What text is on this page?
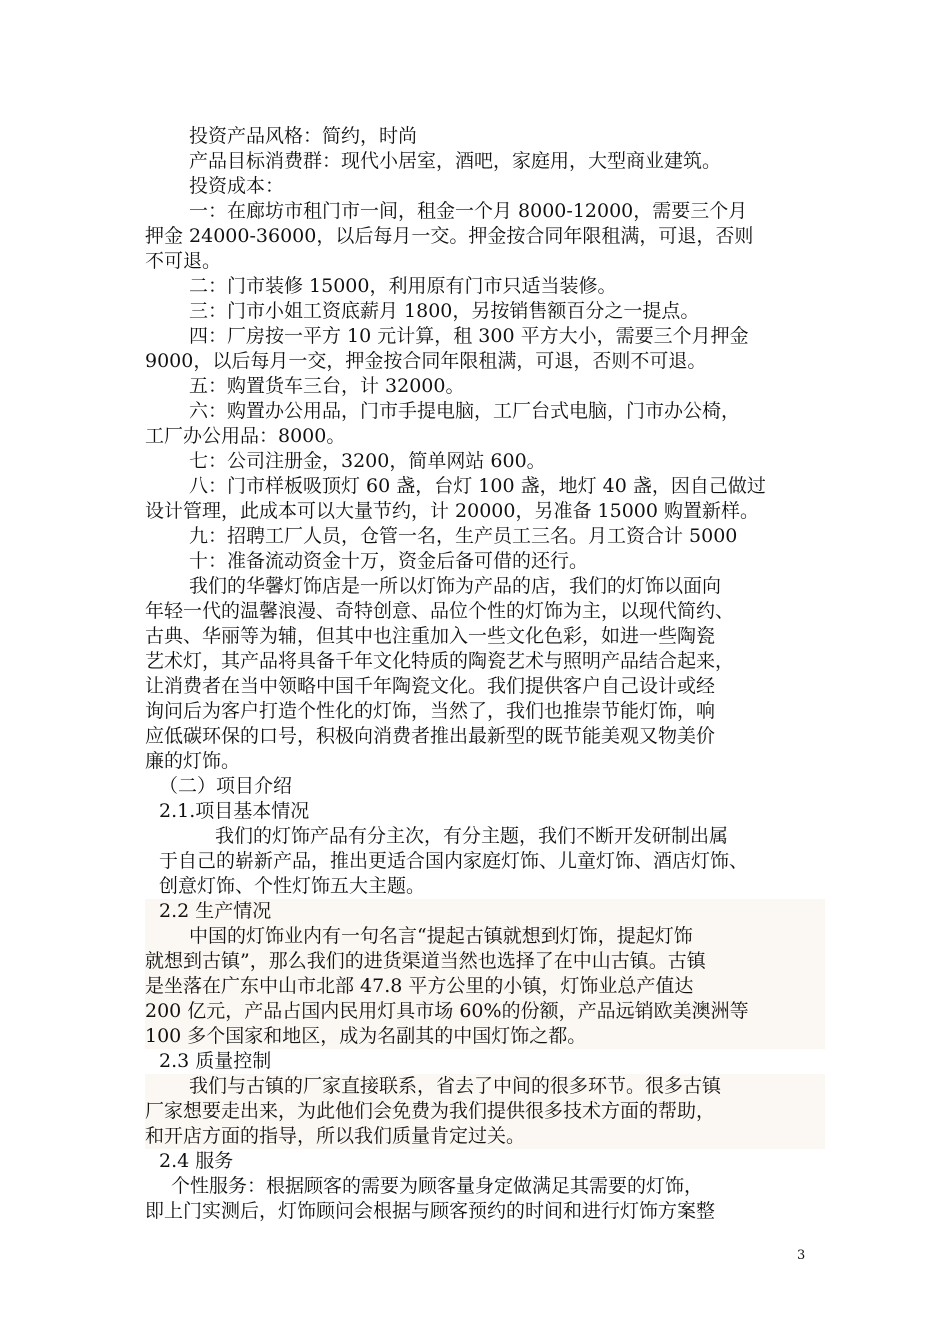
投资产品风格：简约，时尚
产品目标消费群：现代小居室，酒吧，家庭用，大型商业建筑。
投资成本：
一：在廊坊市租门市一间，租金一个月 8000-12000，需要三个月
押金 24000-36000，以后每月一交。押金按合同年限租满，可退，否则
不可退。
二：门市装修 15000，利用原有门市只适当装修。
三：门市小姐工资底薪月 1800，另按销售额百分之一提点。
四：厂房按一平方 10 元计算，租 300 平方大小，需要三个月押金
9000，以后每月一交，押金按合同年限租满，可退，否则不可退。
五：购置货车三台，计 32000。
六：购置办公用品，门市手提电脑，工厂台式电脑，门市办公椅，
工厂办公用品：8000。
七：公司注册金，3200，简单网站 600。
八：门市样板吸顶灯 60 盏，台灯 100 盏，地灯 40 盏，因自己做过
设计管理，此成本可以大量节约，计 20000，另准备 15000 购置新样。
九：招聘工厂人员，仓管一名，生产员工三名。月工资合计 5000
十：准备流动资金十万，资金后备可借的还行。
我们的华馨灯饰店是一所以灯饰为产品的店，我们的灯饰以面向
年轻一代的温馨浪漫、奇特创意、品位个性的灯饰为主，以现代简约、
古典、华丽等为辅，但其中也注重加入一些文化色彩，如进一些陶瓷
艺术灯，其产品将具备千年文化特质的陶瓷艺术与照明产品结合起来，
让消费者在当中领略中国千年陶瓷文化。我们提供客户自己设计或经
询问后为客户打造个性化的灯饰，当然了，我们也推崇节能灯饰，响
应低碳环保的口号，积极向消费者推出最新型的既节能美观又物美价
廉的灯饰。
（二）项目介绍
2.1.项目基本情况
我们的灯饰产品有分主次，有分主题，我们不断开发研制出属
于自己的崭新产品，推出更适合国内家庭灯饰、儿童灯饰、酒店灯饰、
创意灯饰、个性灯饰五大主题。
2.2 生产情况
中国的灯饰业内有一句名言“提起古镇就想到灯饰，提起灯饰
就想到古镇”，那么我们的进货渠道当然也选择了在中山古镇。古镇
是坐落在广东中山市北部 47.8 平方公里的小镇，灯饰业总产值达
200 亿元，产品占国内民用灯具市场 60%的份额，产品远销欧美澳洲等
100 多个国家和地区，成为名副其的中国灯饰之都。
2.3 质量控制
我们与古镇的厂家直接联系，省去了中间的很多环节。很多古镇
厂家想要走出来，为此他们会免费为我们提供很多技术方面的帮助，
和开店方面的指导，所以我们质量肯定过关。
2.4 服务
个性服务：根据顾客的需要为顾客量身定做满足其需要的灯饰，
即上门实测后，灯饰顾问会根据与顾客预约的时间和进行灯饰方案整
3
